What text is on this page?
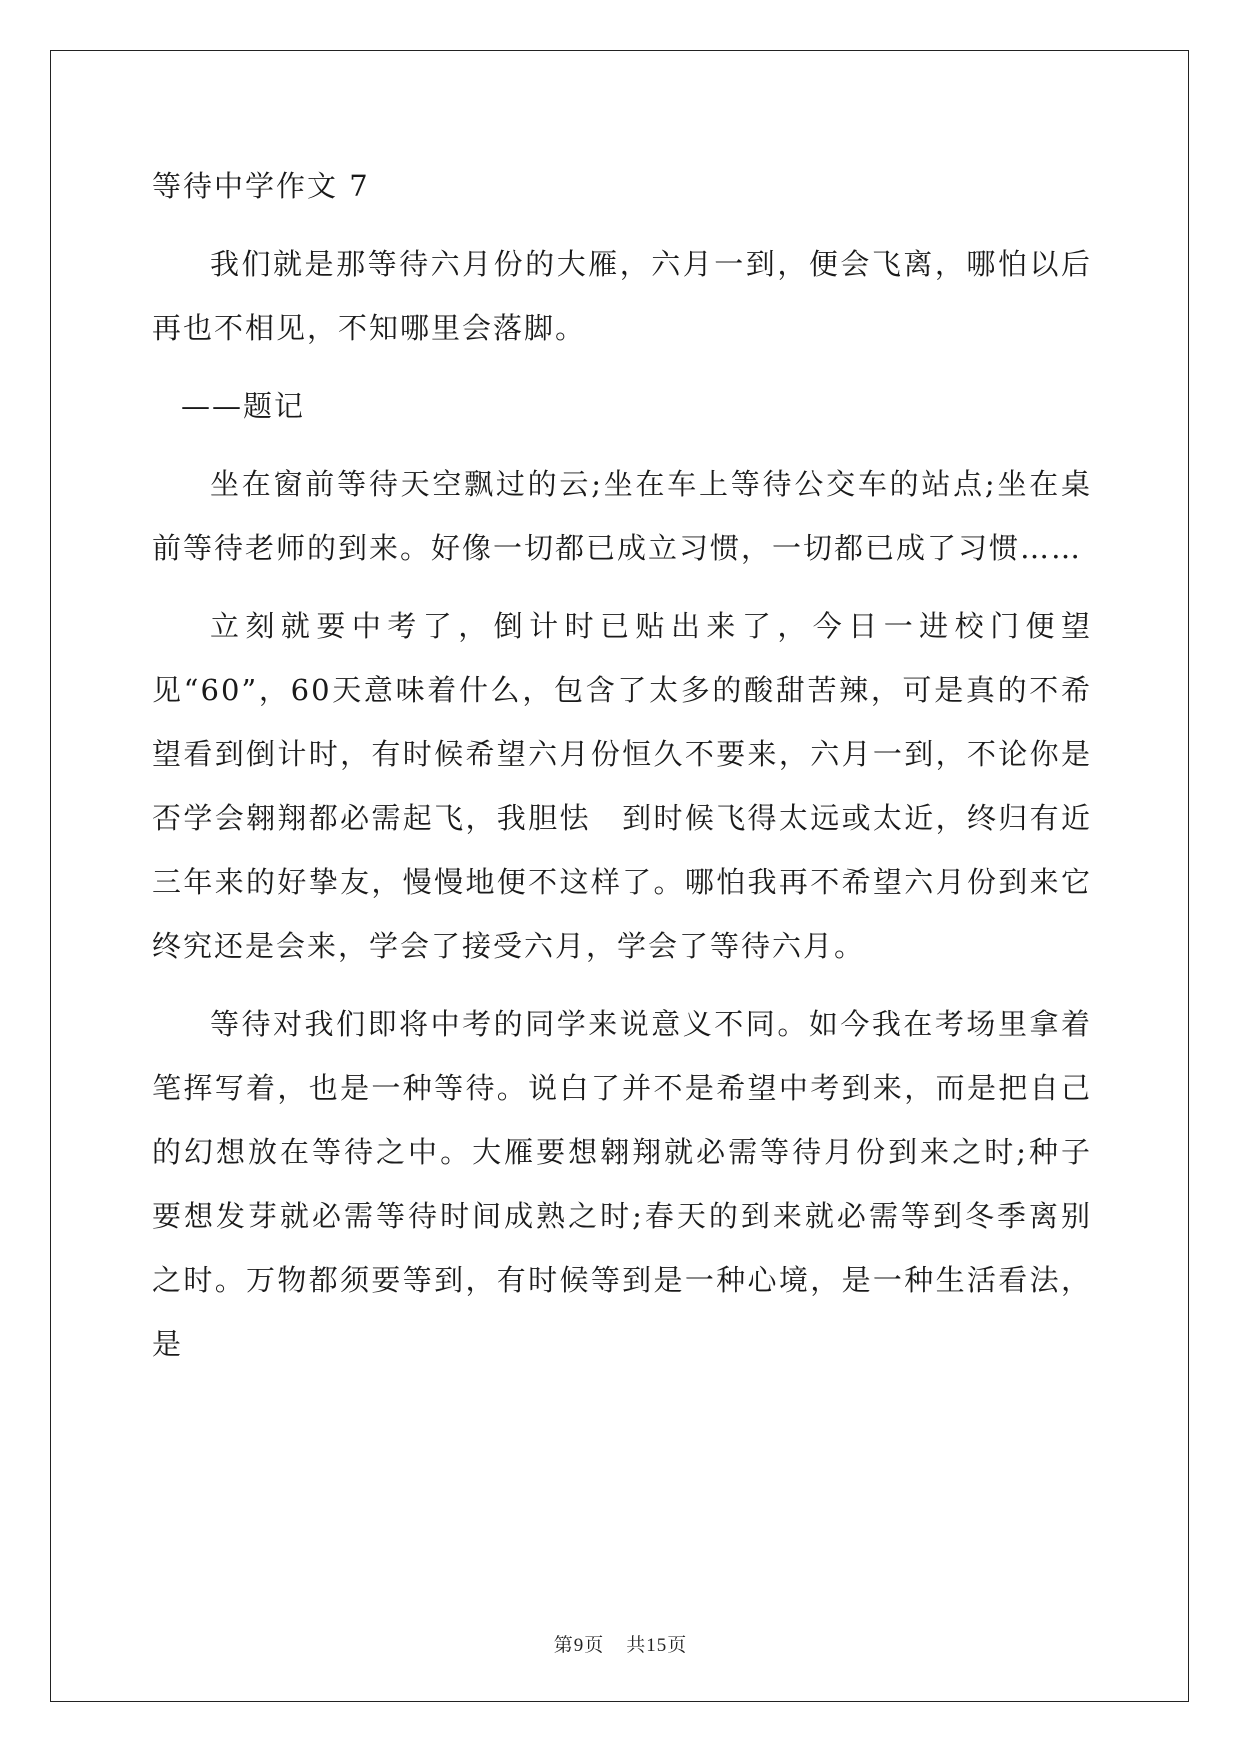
等待中学作文 7

我们就是那等待六月份的大雁，六月一到，便会飞离，哪怕以后再也不相见，不知哪里会落脚。

——题记

坐在窗前等待天空飘过的云;坐在车上等待公交车的站点;坐在桌前等待老师的到来。好像一切都已成立习惯，一切都已成了习惯……

立刻就要中考了，倒计时已贴出来了，今日一进校门便望见“60”，60天意味着什么，包含了太多的酸甜苦辣，可是真的不希望看到倒计时，有时候希望六月份恒久不要来，六月一到，不论你是否学会翱翔都必需起飞，我胆怯　到时候飞得太远或太近，终归有近三年来的好挚友，慢慢地便不这样了。哪怕我再不希望六月份到来它终究还是会来，学会了接受六月，学会了等待六月。

等待对我们即将中考的同学来说意义不同。如今我在考场里拿着笔挥写着，也是一种等待。说白了并不是希望中考到来，而是把自己的幻想放在等待之中。大雁要想翱翔就必需等待月份到来之时;种子要想发芽就必需等待时间成熟之时;春天的到来就必需等到冬季离别之时。万物都须要等到，有时候等到是一种心境，是一种生活看法，是

第9页 共15页
